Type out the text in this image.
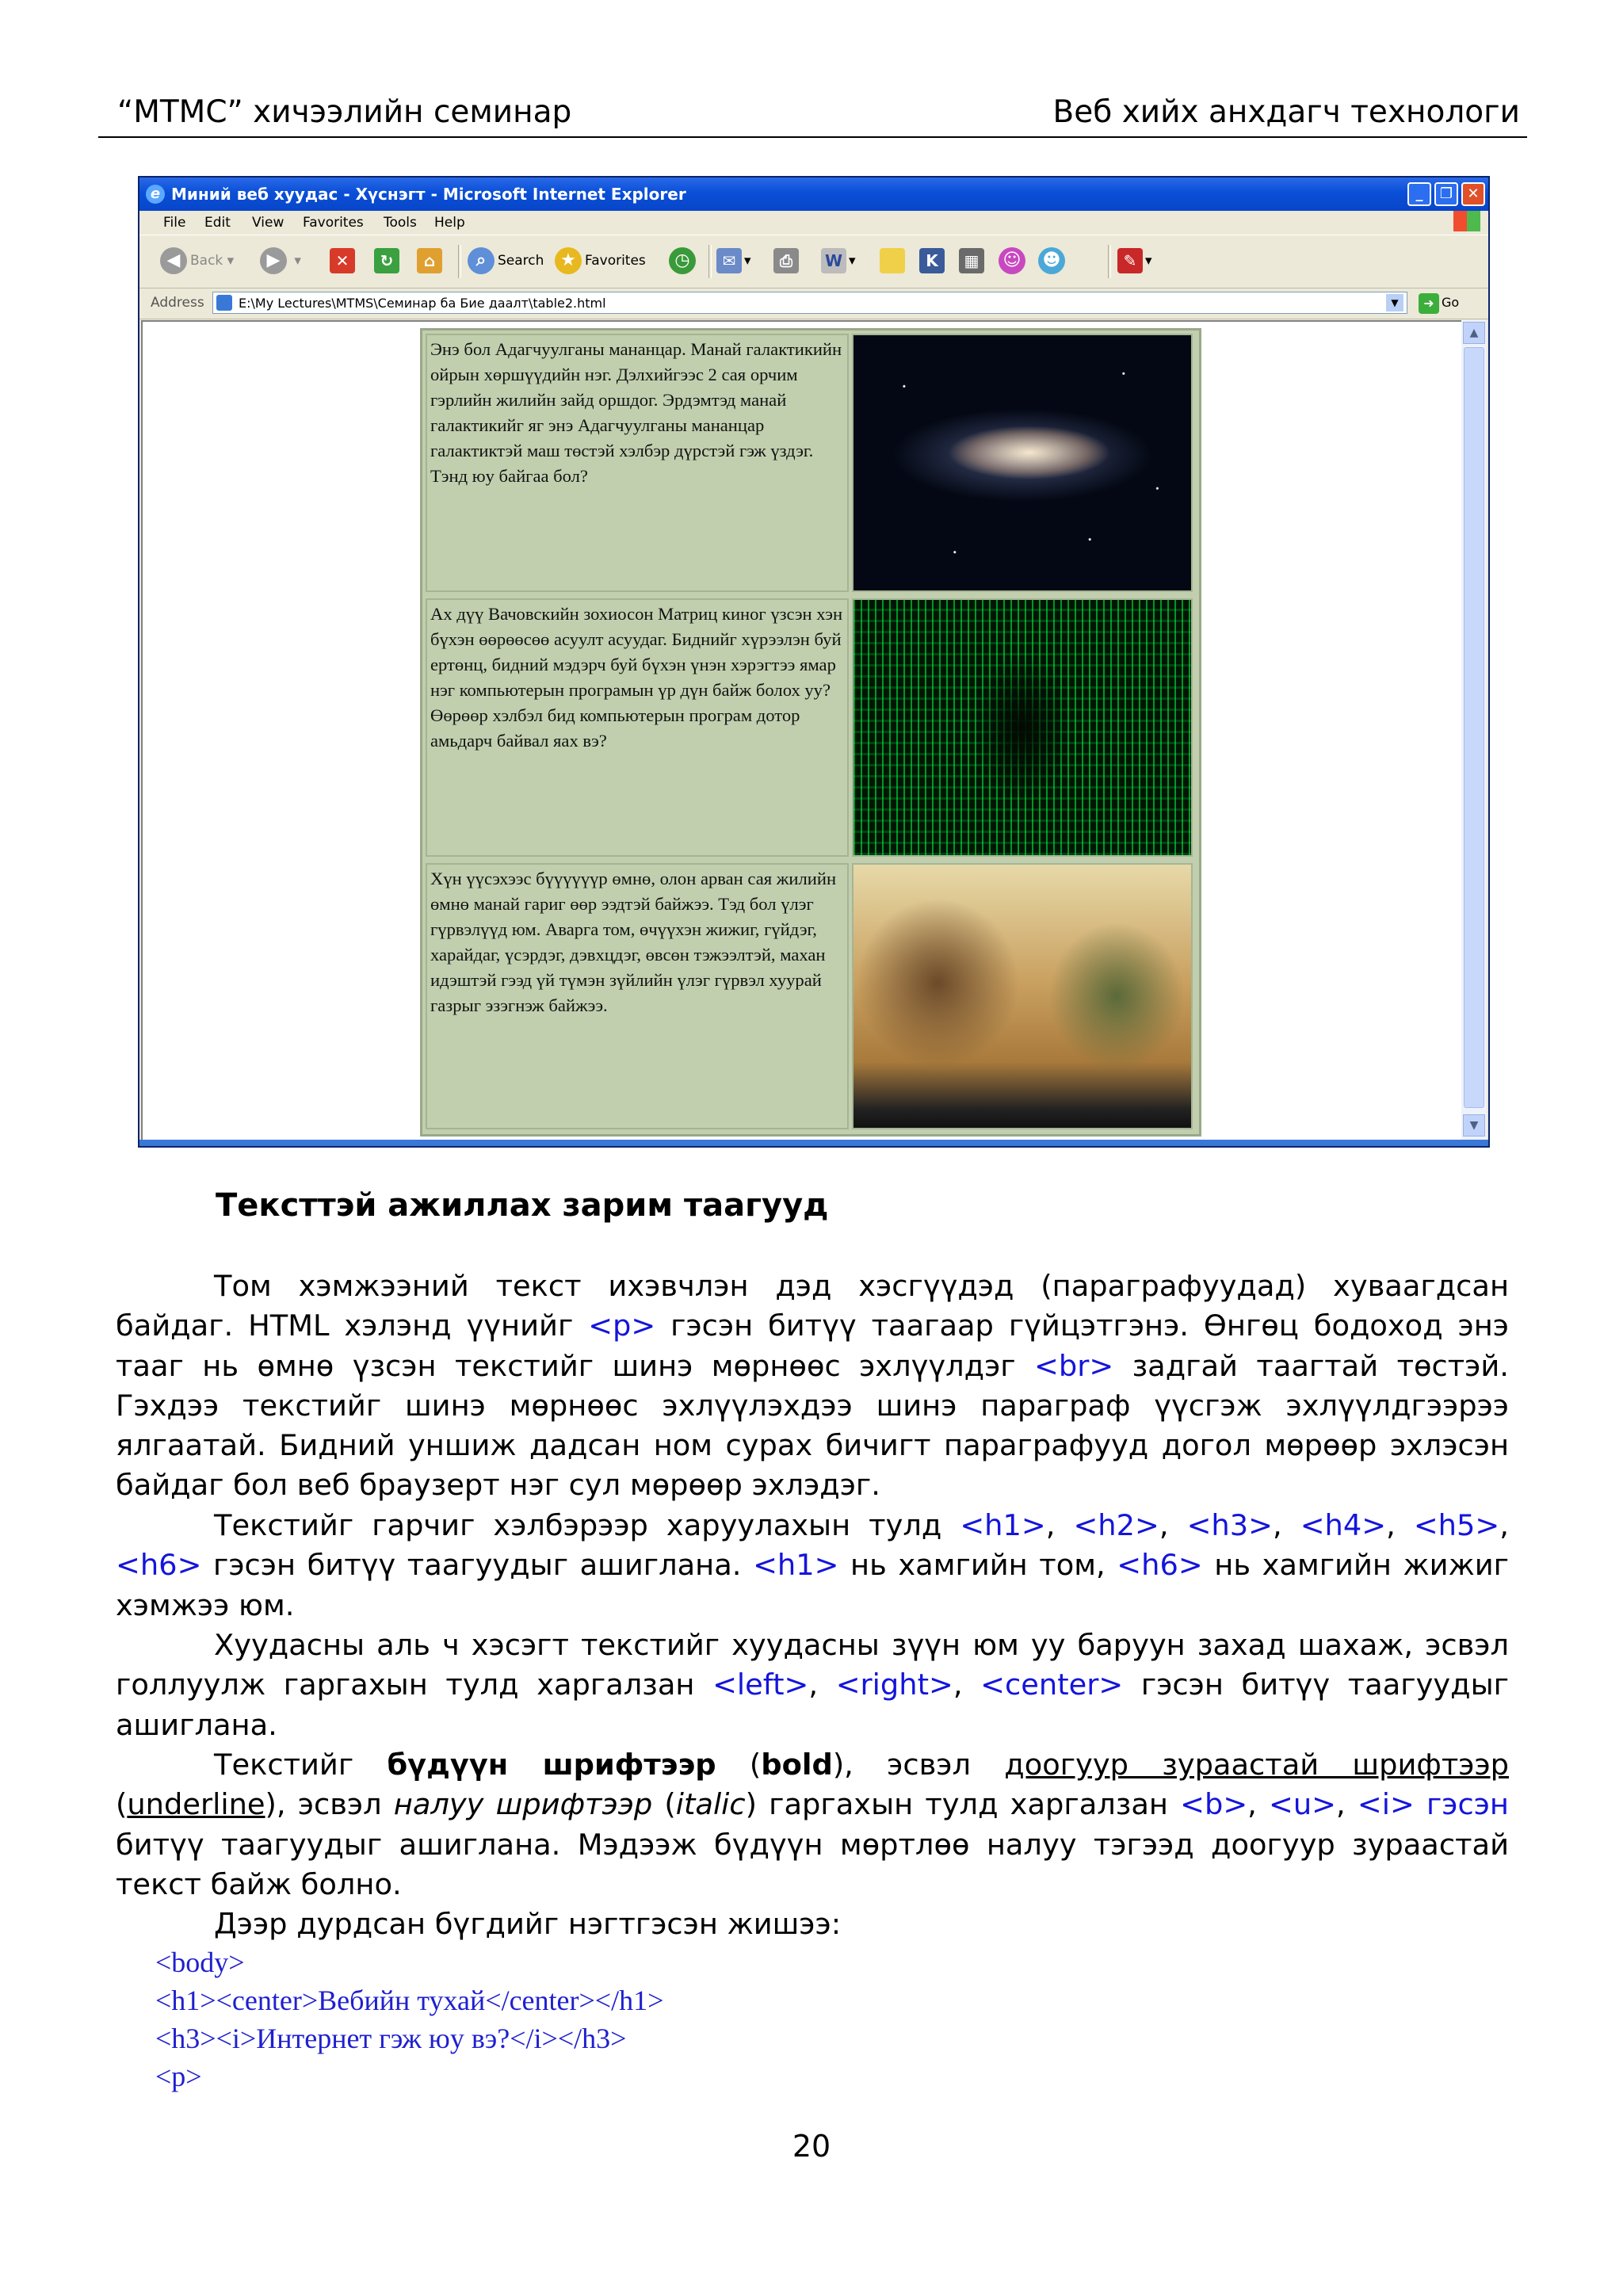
“МТМС” хичээлийн семинар	Веб хийх анхдагч технологи
e Миний веб хуудас - Хүснэгт - Microsoft Internet Explorer	_	❐	✕
File Edit View Favorites Tools Help
◀ Back ▾	▶ ▾	✕	↻	⌂	⌕ Search ★ Favorites	◷	✉ ▾	⎙	W ▾	K	▦	☺	☻	✎ ▾
Address	E:\My Lectures\MTMS\Семинар ба Бие даалт\table2.html	▼	➜ Go
Энэ бол Адагчуулганы мананцар. Манай галактикийн ойрын хөршүүдийн нэг. Дэлхийгээс 2 сая орчим гэрлийн жилийн зайд оршдог. Эрдэмтэд манай галактикийг яг энэ Адагчуулганы мананцар галактиктэй маш төстэй хэлбэр дүрстэй гэж үздэг. Тэнд юу байгаа бол?
Ах дүү Вачовскийн зохиосон Матриц киног үзсэн хэн бүхэн өөрөөсөө асуулт асуудаг. Биднийг хүрээлэн буй ертөнц, бидний мэдэрч буй бүхэн үнэн хэрэгтээ ямар нэг компьютерын програмын үр дүн байж болох уу? Өөрөөр хэлбэл бид компьютерын програм дотор амьдарч байвал яах вэ?
Хүн үүсэхээс бүүүүүүр өмнө, олон арван сая жилийн өмнө манай гариг өөр ээдтэй байжээ. Тэд бол үлэг гүрвэлүүд юм. Аварга том, өчүүхэн жижиг, гүйдэг, харайдаг, үсэрдэг, дэвхцдэг, өвсөн тэжээлтэй, махан идэштэй гээд үй түмэн зүйлийн үлэг гүрвэл хуурай газрыг эзэгнэж байжээ.
▲
▼
Тексттэй ажиллах зарим таагууд
Том хэмжээний текст ихэвчлэн дэд хэсгүүдэд (параграфуудад) хуваагдсан байдаг. HTML хэлэнд үүнийг <p> гэсэн битүү таагаар гүйцэтгэнэ. Өнгөц бодоход энэ тааг нь өмнө үзсэн текстийг шинэ мөрнөөс эхлүүлдэг <br> задгай таагтай төстэй. Гэхдээ текстийг шинэ мөрнөөс эхлүүлэхдээ шинэ параграф үүсгэж эхлүүлдгээрээ ялгаатай. Бидний уншиж дадсан ном сурах бичигт параграфууд догол мөрөөр эхлэсэн байдаг бол веб браузерт нэг сул мөрөөр эхлэдэг.
Текстийг гарчиг хэлбэрээр харуулахын тулд <h1>, <h2>, <h3>, <h4>, <h5>, <h6> гэсэн битүү таагуудыг ашиглана. <h1> нь хамгийн том, <h6> нь хамгийн жижиг хэмжээ юм.
Хуудасны аль ч хэсэгт текстийг хуудасны зүүн юм уу баруун захад шахаж, эсвэл голлуулж гаргахын тулд харгалзан <left>, <right>, <center> гэсэн битүү таагуудыг ашиглана.
Текстийг бүдүүн шрифтээр (bold), эсвэл доогуур зураастай шрифтээр (underline), эсвэл налуу шрифтээр (italic) гаргахын тулд харгалзан <b>, <u>, <i> гэсэн битүү таагуудыг ашиглана. Мэдээж бүдүүн мөртлөө налуу тэгээд доогуур зураастай текст байж болно.
Дээр дурдсан бүгдийг нэгтгэсэн жишээ:
<body>
<h1><center>Вебийн тухай</center></h1>
<h3><i>Интернет гэж юу вэ?</i></h3>
<p>
20
